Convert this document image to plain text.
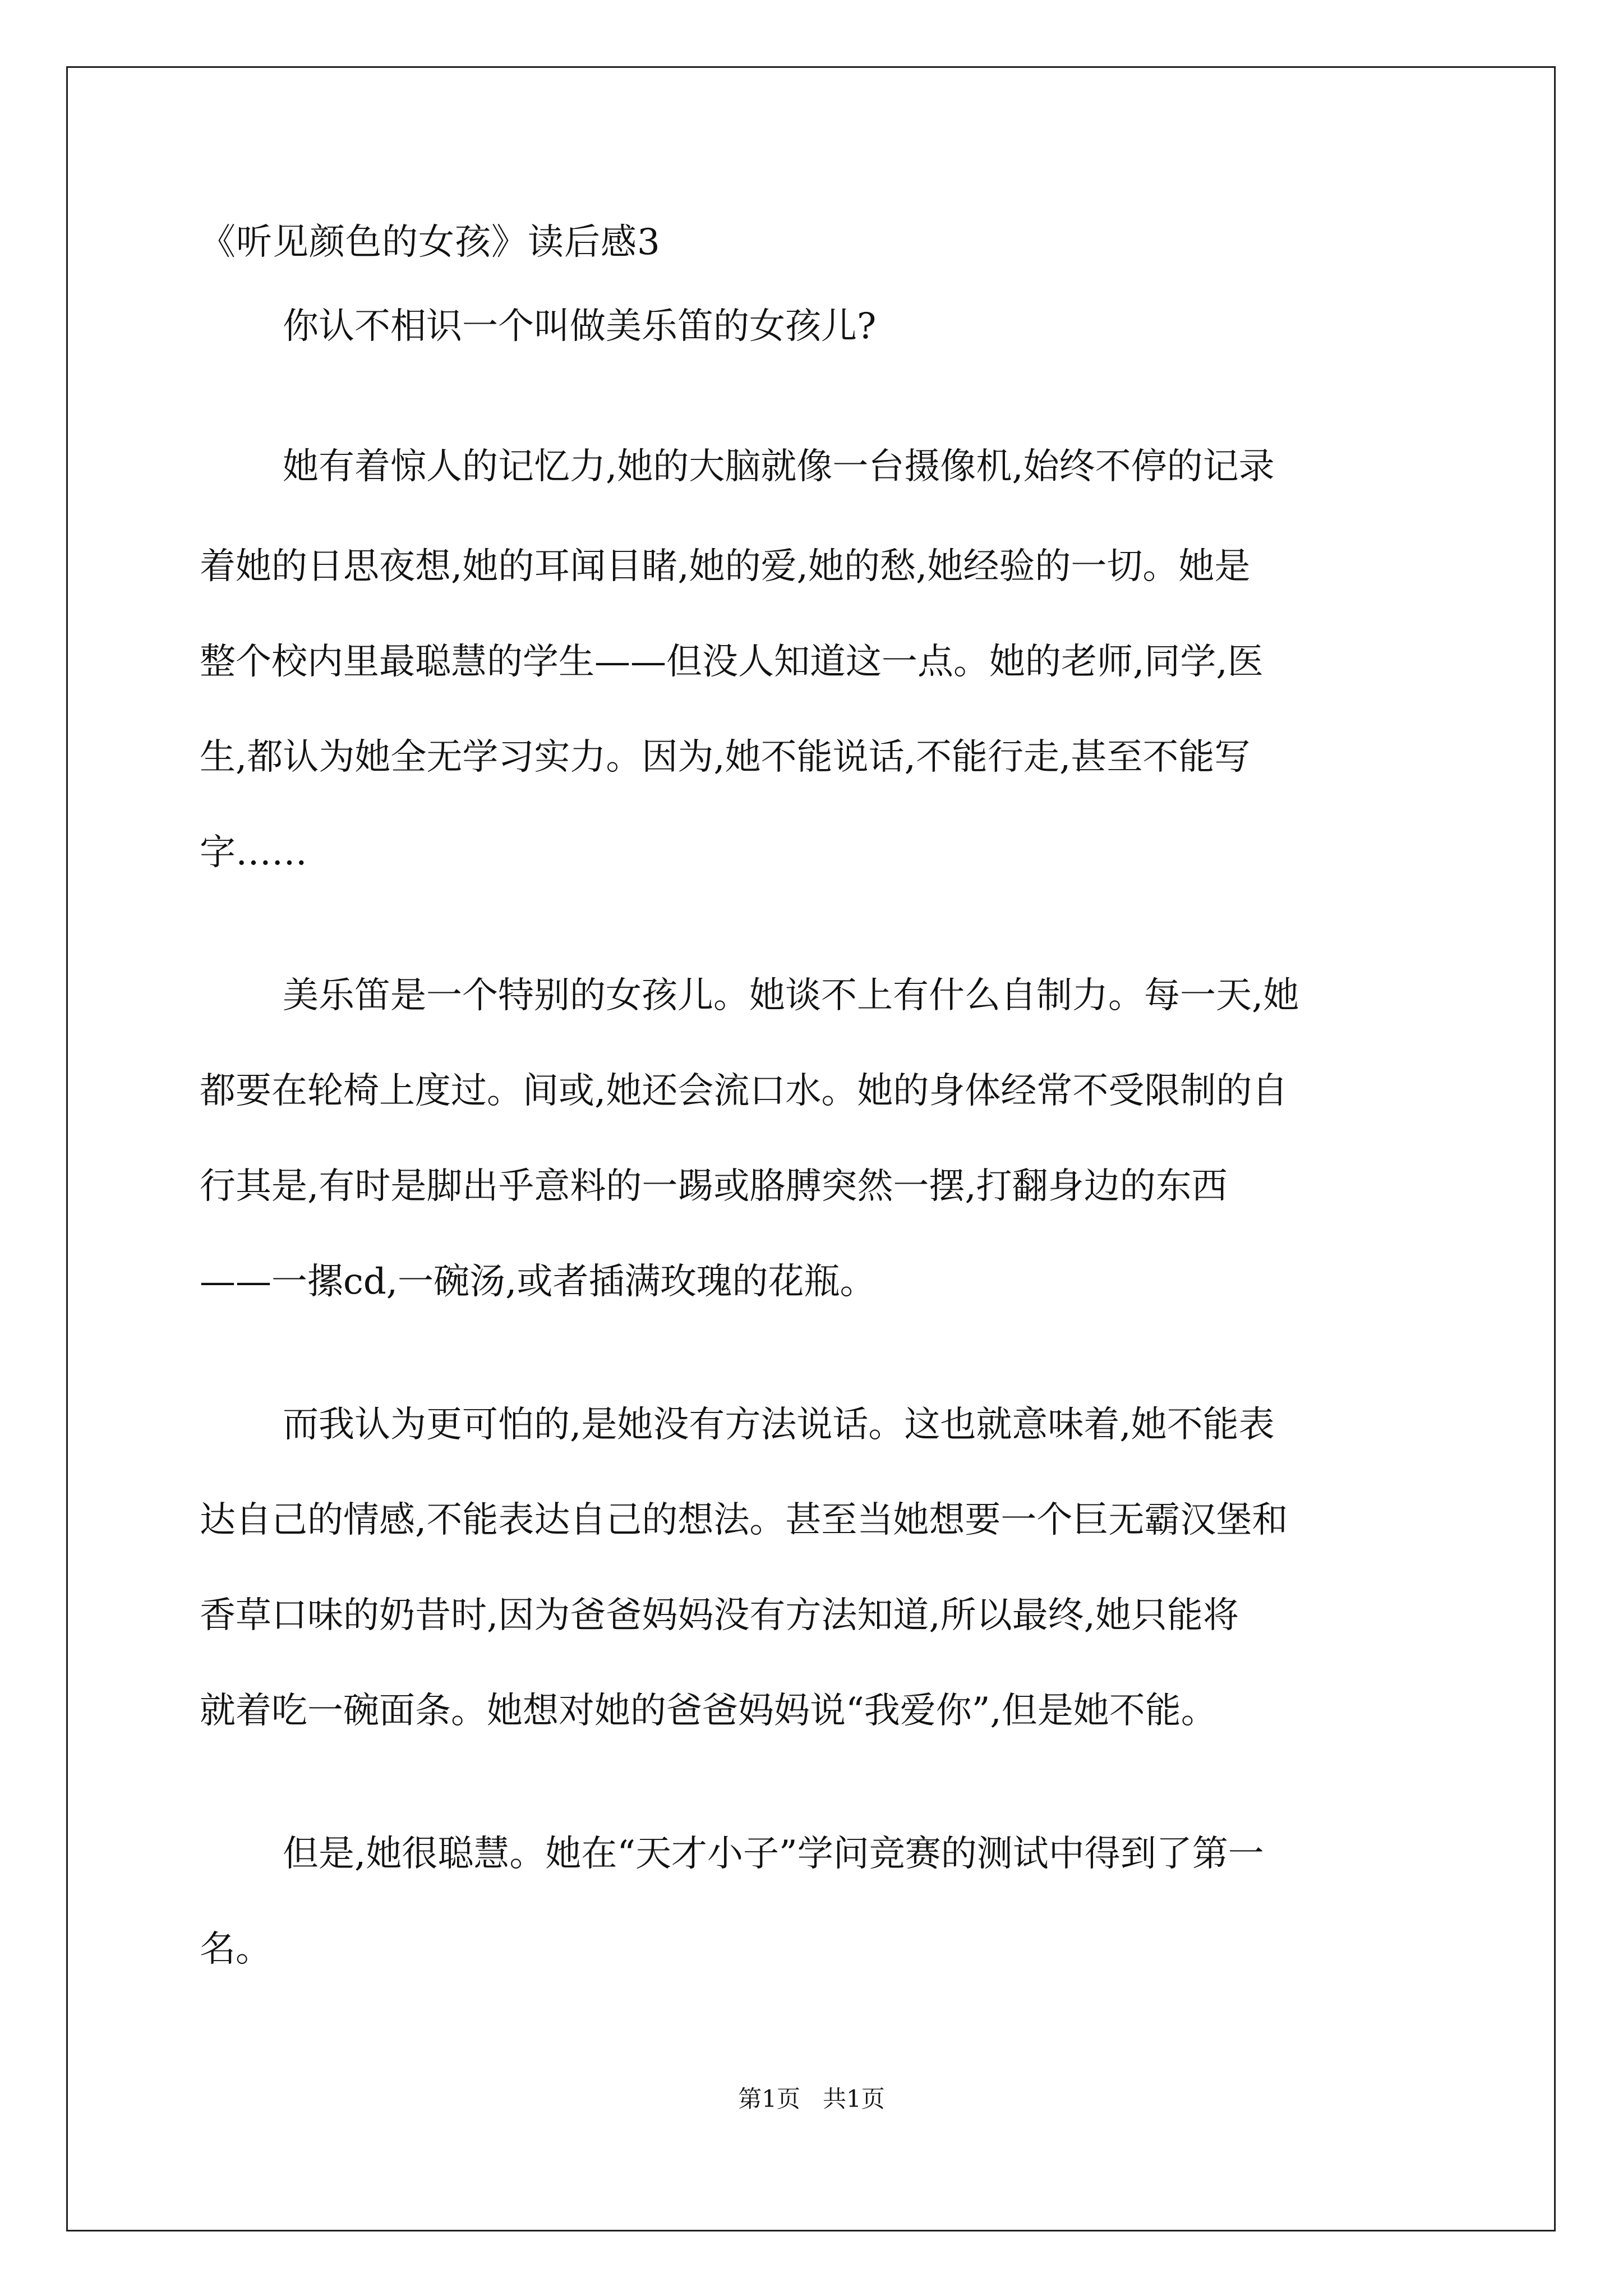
《听见颜色的女孩》读后感3
你认不相识一个叫做美乐笛的女孩儿?
她有着惊人的记忆力,她的大脑就像一台摄像机,始终不停的记录
着她的日思夜想,她的耳闻目睹,她的爱,她的愁,她经验的一切。她是
整个校内里最聪慧的学生——但没人知道这一点。她的老师,同学,医
生,都认为她全无学习实力。因为,她不能说话,不能行走,甚至不能写
字……
美乐笛是一个特别的女孩儿。她谈不上有什么自制力。每一天,她
都要在轮椅上度过。间或,她还会流口水。她的身体经常不受限制的自
行其是,有时是脚出乎意料的一踢或胳膊突然一摆,打翻身边的东西
——一摞cd,一碗汤,或者插满玫瑰的花瓶。
而我认为更可怕的,是她没有方法说话。这也就意味着,她不能表
达自己的情感,不能表达自己的想法。甚至当她想要一个巨无霸汉堡和
香草口味的奶昔时,因为爸爸妈妈没有方法知道,所以最终,她只能将
就着吃一碗面条。她想对她的爸爸妈妈说“我爱你”,但是她不能。
但是,她很聪慧。她在“天才小子”学问竞赛的测试中得到了第一
名。
第1页   共1页
